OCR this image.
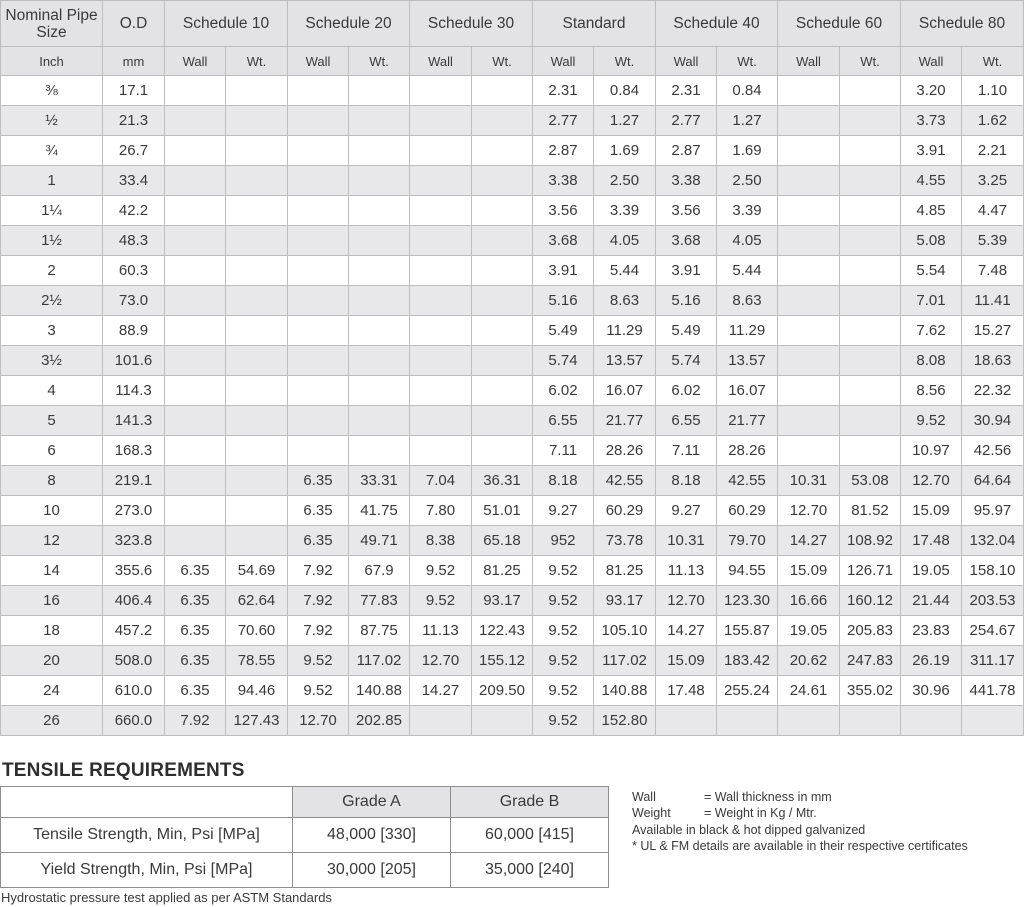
Nominal Pipe Size	O.D	Schedule 10		Schedule 20		Schedule 30		Standard		Schedule 40		Schedule 60		Schedule 80	
Inch	mm	Wall	Wt.	Wall	Wt.	Wall	Wt.	Wall	Wt.	Wall	Wt.	Wall	Wt.	Wall	Wt.
⅜	17.1							2.31	0.84	2.31	0.84			3.20	1.10
½	21.3							2.77	1.27	2.77	1.27			3.73	1.62
¾	26.7							2.87	1.69	2.87	1.69			3.91	2.21
1	33.4							3.38	2.50	3.38	2.50			4.55	3.25
1¼	42.2							3.56	3.39	3.56	3.39			4.85	4.47
1½	48.3							3.68	4.05	3.68	4.05			5.08	5.39
2	60.3							3.91	5.44	3.91	5.44			5.54	7.48
2½	73.0							5.16	8.63	5.16	8.63			7.01	11.41
3	88.9							5.49	11.29	5.49	11.29			7.62	15.27
3½	101.6							5.74	13.57	5.74	13.57			8.08	18.63
4	114.3							6.02	16.07	6.02	16.07			8.56	22.32
5	141.3							6.55	21.77	6.55	21.77			9.52	30.94
6	168.3							7.11	28.26	7.11	28.26			10.97	42.56
8	219.1			6.35	33.31	7.04	36.31	8.18	42.55	8.18	42.55	10.31	53.08	12.70	64.64
10	273.0			6.35	41.75	7.80	51.01	9.27	60.29	9.27	60.29	12.70	81.52	15.09	95.97
12	323.8			6.35	49.71	8.38	65.18	952	73.78	10.31	79.70	14.27	108.92	17.48	132.04
14	355.6	6.35	54.69	7.92	67.9	9.52	81.25	9.52	81.25	11.13	94.55	15.09	126.71	19.05	158.10
16	406.4	6.35	62.64	7.92	77.83	9.52	93.17	9.52	93.17	12.70	123.30	16.66	160.12	21.44	203.53
18	457.2	6.35	70.60	7.92	87.75	11.13	122.43	9.52	105.10	14.27	155.87	19.05	205.83	23.83	254.67
20	508.0	6.35	78.55	9.52	117.02	12.70	155.12	9.52	117.02	15.09	183.42	20.62	247.83	26.19	311.17
24	610.0	6.35	94.46	9.52	140.88	14.27	209.50	9.52	140.88	17.48	255.24	24.61	355.02	30.96	441.78
26	660.0	7.92	127.43	12.70	202.85			9.52	152.80						
TENSILE REQUIREMENTS
	Grade A	Grade B
Tensile Strength, Min, Psi [MPa]	48,000 [330]	60,000 [415]
Yield Strength, Min, Psi [MPa]	30,000 [205]	35,000 [240]
Wall	= Wall thickness in mm
Weight	= Weight in Kg / Mtr.
Available in black & hot dipped galvanized
* UL & FM details are available in their respective certificates
Hydrostatic pressure test applied as per ASTM Standards
